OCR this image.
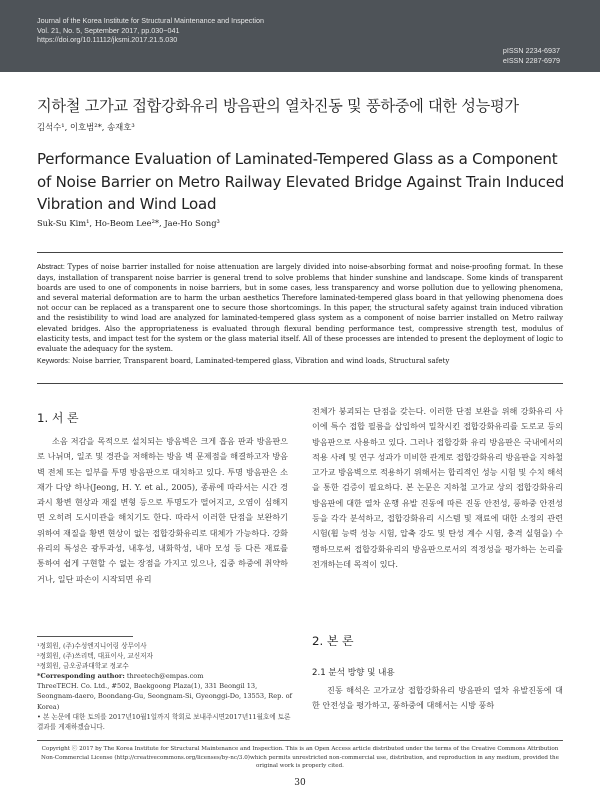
Journal of the Korea Institute for Structural Maintenance and Inspection
Vol. 21, No. 5, September 2017, pp.030~041
https://doi.org/10.11112/jksmi.2017.21.5.030
pISSN 2234-6937
eISSN 2287-6979
지하철 고가교 접합강화유리 방음판의 열차진동 및 풍하중에 대한 성능평가
김석수¹, 이호범²*, 송재호³
Performance Evaluation of Laminated-Tempered Glass as a Component of Noise Barrier on Metro Railway Elevated Bridge Against Train Induced Vibration and Wind Load
Suk-Su Kim¹, Ho-Beom Lee²*, Jae-Ho Song³
Abstract: Types of noise barrier installed for noise attenuation are largely divided into noise-absorbing format and noise-proofing format. In these days, installation of transparent noise barrier is general trend to solve problems that hinder sunshine and landscape. Some kinds of transparent boards are used to one of components in noise barriers, but in some cases, less transparency and worse pollution due to yellowing phenomena, and several material deformation are to harm the urban aesthetics Therefore laminated-tempered glass board in that yellowing phenomena does not occur can be replaced as a transparent one to secure those shortcomings. In this paper, the structural safety against train induced vibration and the resistibility to wind load are analyzed for laminated-tempered glass system as a component of noise barrier installed on Metro railway elevated bridges. Also the appropriateness is evaluated through flexural bending performance test, compressive strength test, modulus of elasticity tests, and impact test for the system or the glass material itself. All of these processes are intended to present the deployment of logic to evaluate the adequacy for the system.
Keywords: Noise barrier, Transparent board, Laminated-tempered glass, Vibration and wind loads, Structural safety
1. 서 론

소음 저감을 목적으로 설치되는 방음벽은 크게 흡음 판과 방음판으로 나뉘며, 일조 및 경관을 저해하는 방음 벽 문제점을 해결하고자 방음벽 전체 또는 일부를 투명 방음판으로 대치하고 있다. 투명 방음판은 소재가 다양 하나(Jeong, H. Y. et al., 2005), 종류에 따라서는 시간 경과시 황변 현상과 재질 변형 등으로 투명도가 떨어지고, 오염이 심해지면 오히려 도시미관을 해치기도 한다. 따라서 이러한 단점을 보완하기 위하여 재질을 황변 현상이 없는 접합강화유리로 대체가 가능하다. 강화유리의 특성은 광투과성, 내후성, 내화학성, 내마 모성 등 다른 재료를 통하여 쉽게 구현할 수 없는 장점을 가지고 있으나, 집중 하중에 취약하거나, 일단 파손이 시작되면 유리

전체가 붕괴되는 단점을 갖는다. 이러한 단점 보완을 위해 강화유리 사이에 특수 접합 필름을 삽입하여 밀착시킨 접합강화유리를 도로교 등의 방음판으로 사용하고 있다. 그러나 접합강화 유리 방음판은 국내에서의 적용 사례 및 연구 성과가 미비한 관계로 접합강화유리 방음판을 지하철 고가교 방음벽으로 적용하기 위해서는 합리적인 성능 시험 및 수치 해석을 통한 검증이 필요하다. 본 논문은 지하철 고가교 상의 접합강화유리 방음판에 대한 열차 운행 유발 진동에 따른 진동 안전성, 풍하중 안전성 등을 각각 분석하고, 접합강화유리 시스템 및 재료에 대한 소정의 관련 시험(휨 능력 성능 시험, 압축 강도 및 탄성 계수 시험, 충격 실험을) 수행하므로써 접합강화유리의 방음판으로서의 적정성을 평가하는 논리를 전개하는데 목적이 있다.

2. 본 론
2.1 분석 방향 및 내용

진동 해석은 고가교상 접합강화유리 방음판의 열차 유발진동에 대한 안전성을 평가하고, 풍하중에 대해서는 시방 풍하

¹정회원, (주)수성엔지니어링 상무이사
²정회원, (주)쓰리텍, 대표이사, 교신저자
³정회원, 금오공과대학교 정교수
*Corresponding author: threetech@empas.com
ThreeTECH. Co. Ltd., #502, Baekgoong Plaza(1), 331 Beongil 13, Seongnam-daero, Boondang-Gu, Seongnam-Si, Gyeonggi-Do, 13553, Rep. of Korea)
• 본 논문에 대한 토의를 2017년10월1일까지 학회로 보내주시면2017년11월호에 토론결과를 게재하겠습니다.
Copyright ⓒ 2017 by The Korea Institute for Structural Maintenance and Inspection. This is an Open Access article distributed under the terms of the Creative Commons Attribution Non-Commercial License (http://creativecommons.org/licenses/by-nc/3.0)which permits unrestricted non-commercial use, distribution, and reproduction in any medium, provided the original work is properly cited.
30
